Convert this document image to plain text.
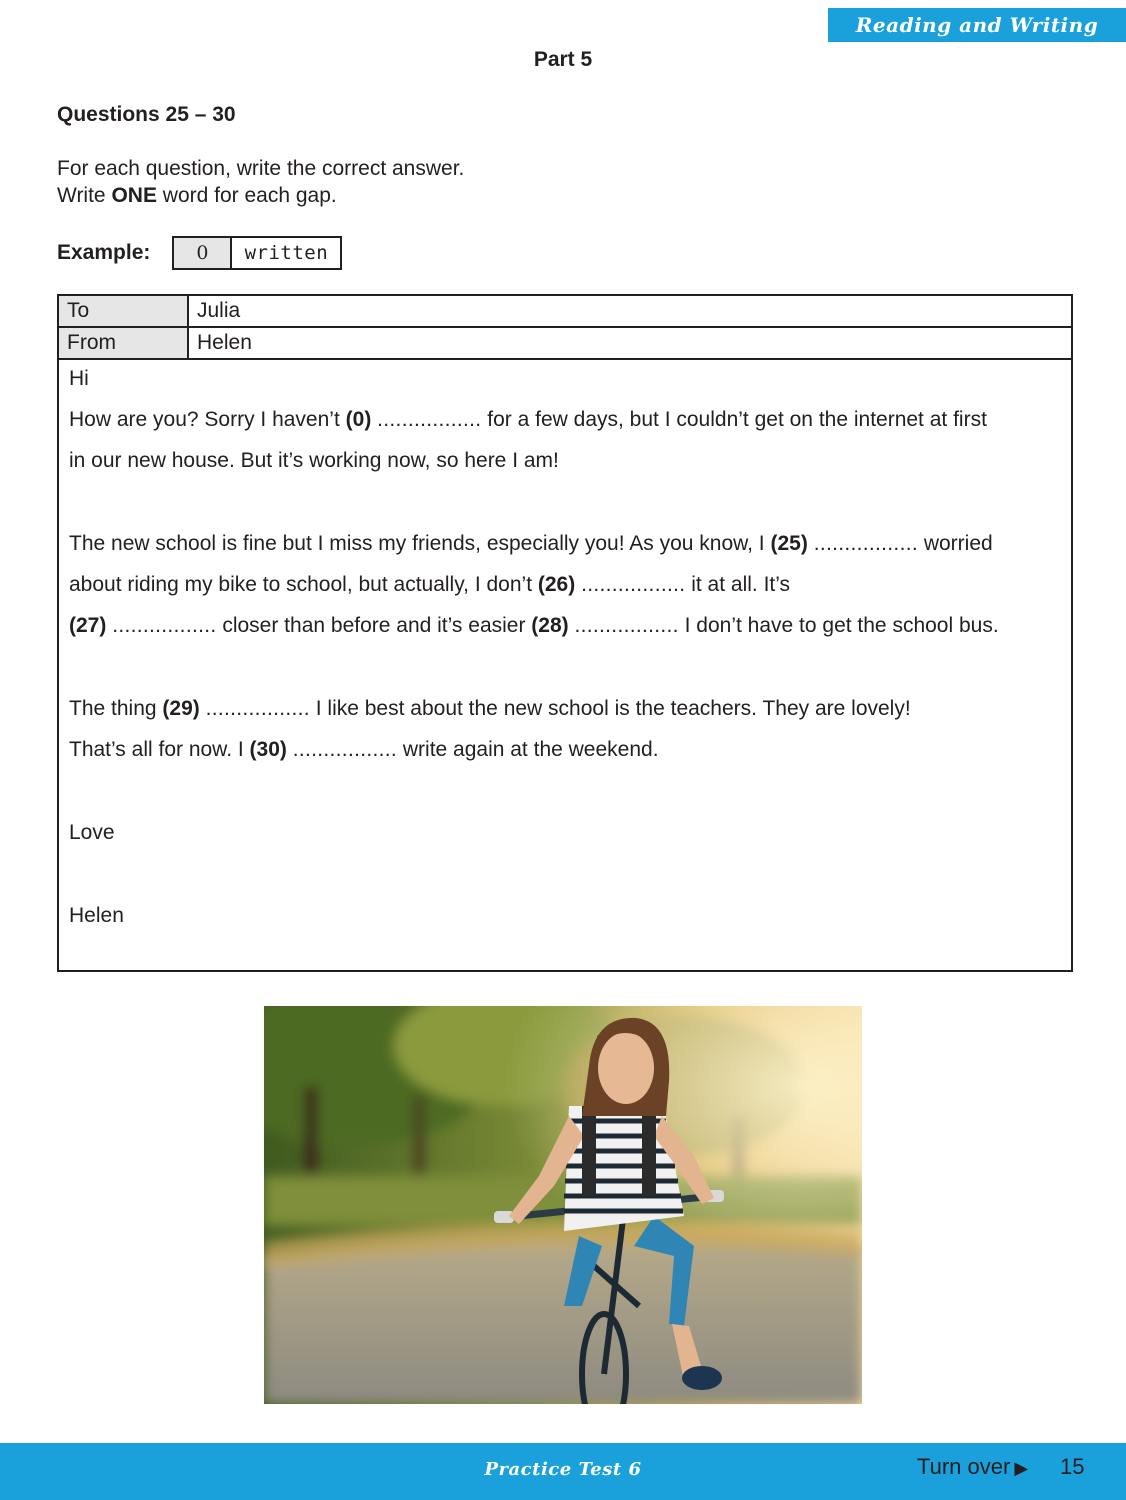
Reading and Writing
Part 5
Questions 25 – 30
For each question, write the correct answer.
Write ONE word for each gap.
Example:	0	written
To	Julia
From	Helen
Hi
How are you? Sorry I haven’t (0) ................. for a few days, but I couldn’t get on the internet at first
in our new house. But it’s working now, so here I am!
The new school is fine but I miss my friends, especially you! As you know, I (25) ................. worried
about riding my bike to school, but actually, I don’t (26) ................. it at all. It’s
(27) ................. closer than before and it’s easier (28) ................. I don’t have to get the school bus.
The thing (29) ................. I like best about the new school is the teachers. They are lovely!
That’s all for now. I (30) ................. write again at the weekend.
Love
Helen
Practice Test 6	Turn over ▶ 15
